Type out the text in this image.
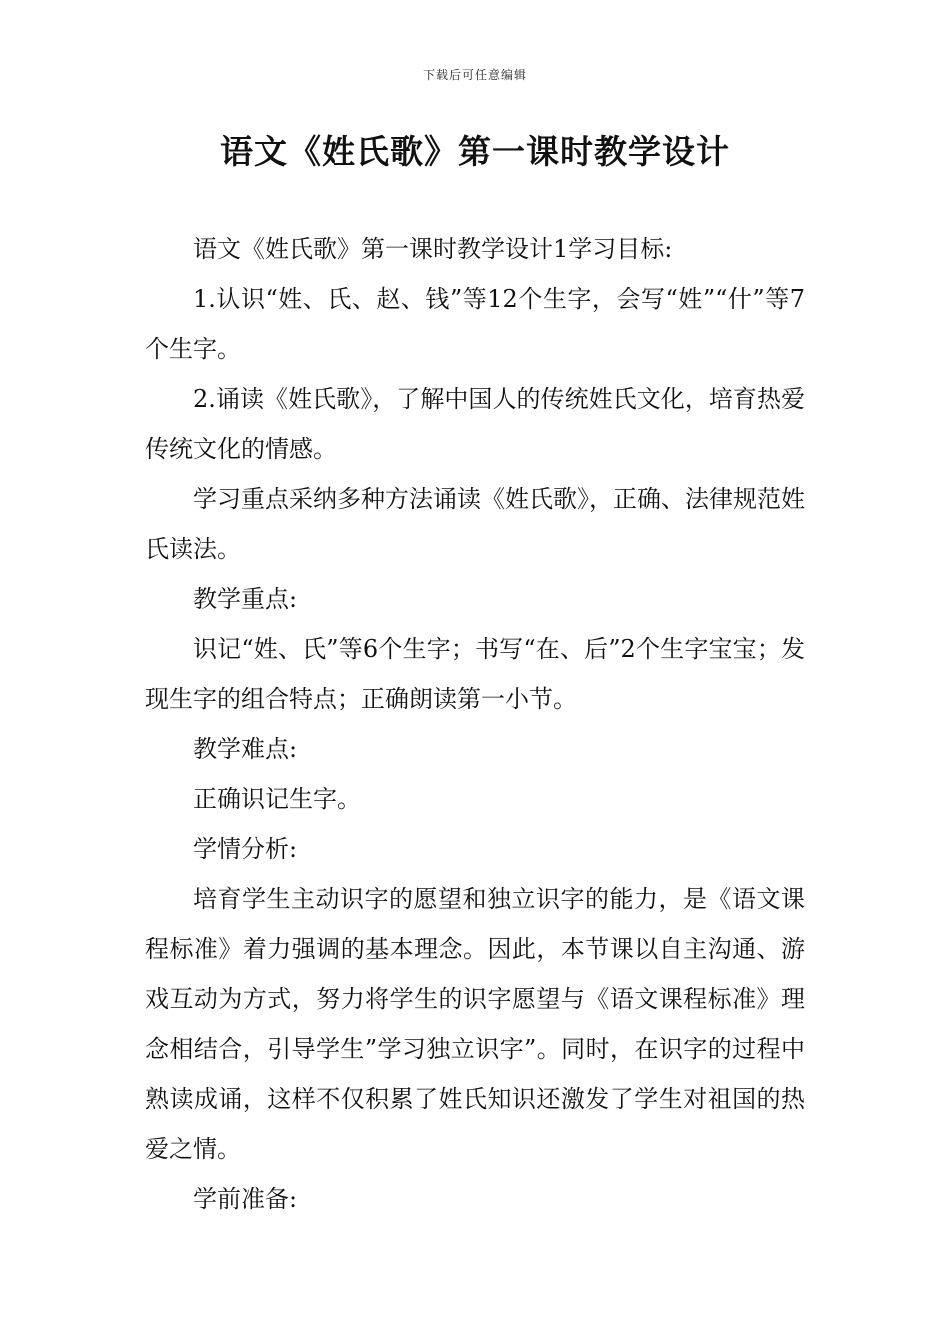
下载后可任意编辑
语文《姓氏歌》第一课时教学设计

语文《姓氏歌》第一课时教学设计1学习目标:

1.认识“姓、氏、赵、钱”等12个生字，会写“姓”“什”等7个生字。

2.诵读《姓氏歌》，了解中国人的传统姓氏文化，培育热爱传统文化的情感。

学习重点采纳多种方法诵读《姓氏歌》，正确、法律规范姓氏读法。

教学重点:

识记“姓、氏”等6个生字；书写“在、后”2个生字宝宝；发现生字的组合特点；正确朗读第一小节。

教学难点:

正确识记生字。

学情分析:

培育学生主动识字的愿望和独立识字的能力，是《语文课程标准》着力强调的基本理念。因此，本节课以自主沟通、游戏互动为方式，努力将学生的识字愿望与《语文课程标准》理念相结合，引导学生”学习独立识字”。同时，在识字的过程中熟读成诵，这样不仅积累了姓氏知识还激发了学生对祖国的热爱之情。

学前准备:
